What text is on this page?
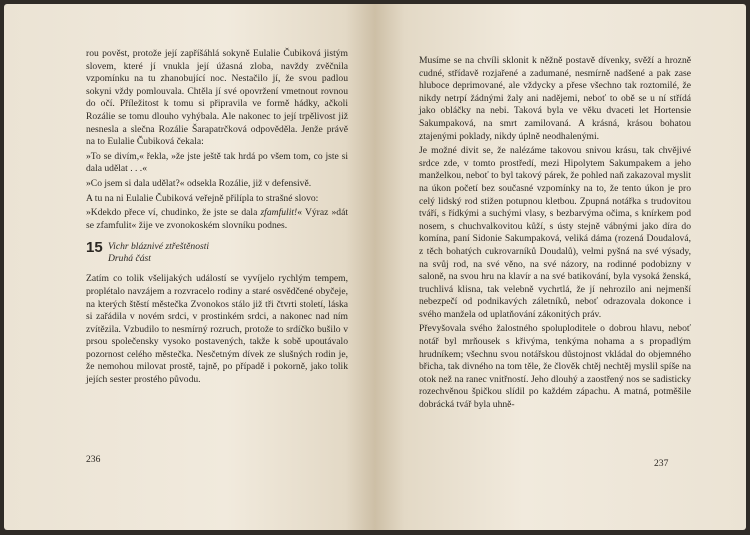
rou pověst, protože její zapříšáhlá sokyně Eulalie Čubiková jistým slovem, které jí vnukla její úžasná zloba, navždy zvěčnila vzpomínku na tu zhanobující noc. Nestačilo jí, že svou padlou sokyni vždy pomlouvala. Chtěla jí své opovržení vmetnout rovnou do očí. Příležitost k tomu si připravila ve formě hádky, ačkoli Rozálie se tomu dlouho vyhýbala. Ale nakonec to její trpělivost již nesnesla a slečna Rozálie Šarapatrčková odpověděla. Jenže právě na to Eulalie Čubiková čekala:

»To se divím,« řekla, »že jste ještě tak hrdá po všem tom, co jste si dala udělat . . .«

»Co jsem si dala udělat?« odsekla Rozálie, již v defensivě.

A tu na ni Eulalie Čubiková veřejně přilípla to strašné slovo:

»Kdekdo přece ví, chudinko, že jste se dala zfamfulit!« Výraz »dát se zfamfulit« žije ve zvonokoském slovníku podnes.

15 Vichr bláznivé ztřeštěnosti
Druhá část

Zatím co tolik všelijakých událostí se vyvíjelo rychlým tempem, proplétalo navzájem a rozvracelo rodiny a staré osvědčené obyčeje, na kterých štěstí městečka Zvonokos stálo již tři čtvrti století, láska si zařádila v novém srdci, v prostinkém srdci, a nakonec nad ním zvítězila. Vzbudilo to nesmírný rozruch, protože to srdíčko bušilo v prsou společensky vysoko postavených, takže k sobě upoutávalo pozornost celého městečka. Nesčetným dívek ze slušných rodin je, že nemohou milovat prostě, tajně, po případě i pokorně, jako tolik jejích sester prostého původu.

236

Musíme se na chvíli sklonit k něžně postavě dívenky, svěží a hrozně cudné, střídavě rozjařené a zadumané, nesmírně nadšené a pak zase hluboce deprimované, ale vždycky a přese všechno tak roztomilé, že nikdy netrpí žádnými žaly ani nadějemi, neboť to obě se u ní střídá jako obláčky na nebi. Taková byla ve věku dvaceti let Hortensie Sakumpaková, na smrt zamilovaná. A krásná, krásou bohatou ztajenými poklady, nikdy úplně neodhalenými.

Je možné divit se, že nalézáme takovou snivou krásu, tak chvějivé srdce zde, v tomto prostředí, mezi Hipolytem Sakumpakem a jeho manželkou, neboť to byl takový párek, že pohled naň zakazoval myslit na úkon početí bez současné vzpomínky na to, že tento úkon je pro celý lidský rod stižen potupnou kletbou. Zpupná notářka s trudovitou tváří, s řídkými a suchými vlasy, s bezbarvýma očima, s knírkem pod nosem, s chuchvalkovitou kůží, s ústy stejně vábnými jako díra do komína, paní Sidonie Sakumpaková, veliká dáma (rozená Doudalová, z těch bohatých cukrovarníků Doudalů), velmi pyšná na své výsady, na svůj rod, na své věno, na své názory, na rodinné podobizny v saloně, na svou hru na klavír a na své batikování, byla vysoká ženská, truchlivá klisna, tak velebně vychrtlá, že jí nehrozilo ani nejmenší nebezpečí od podnikavých záletníků, neboť odrazovala dokonce i svého manžela od uplatňování zákonitých práv.

Převyšovala svého žalostného spoluploditele o dobrou hlavu, neboť notář byl mrňousek s křivýma, tenkýma nohama a s propadlým hrudníkem; všechnu svou notářskou důstojnost vkládal do objemného břicha, tak divného na tom těle, že člověk chtěj nechtěj myslil spíše na otok než na ranec vnitřností. Jeho dlouhý a zaostřený nos se sadisticky rozechvěnou špičkou slídil po každém zápachu. A matná, potměšile dobrácká tvář byla uhně-

237
